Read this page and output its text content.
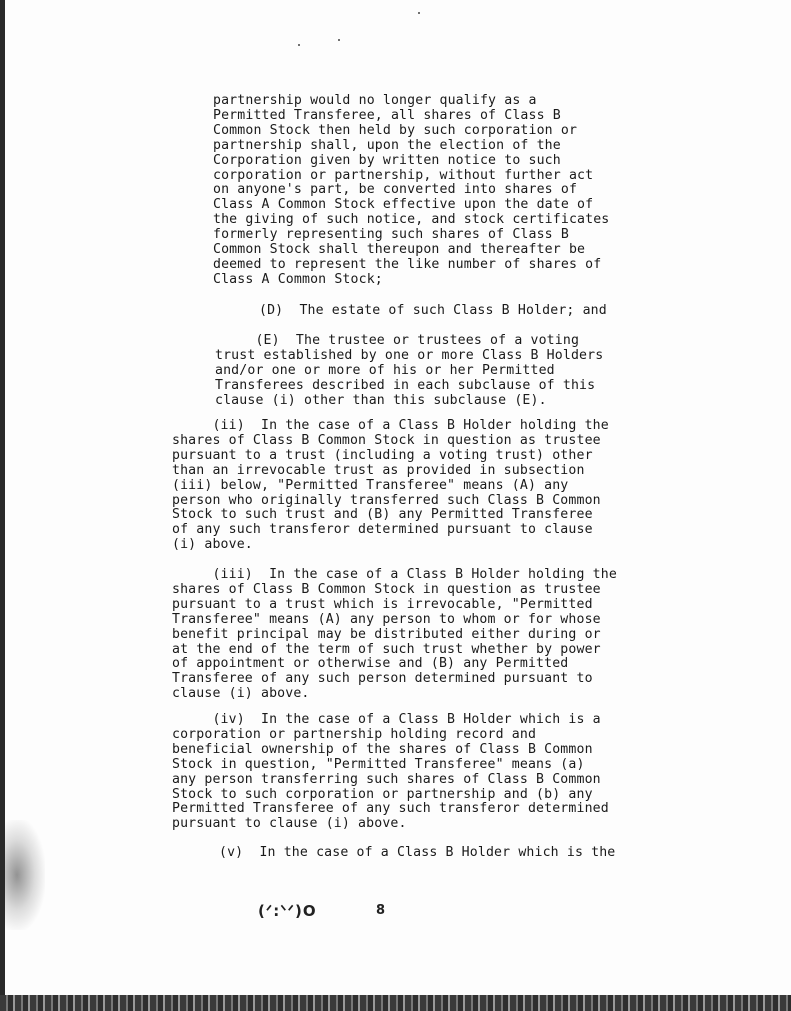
partnership would no longer qualify as a
Permitted Transferee, all shares of Class B
Common Stock then held by such corporation or
partnership shall, upon the election of the
Corporation given by written notice to such
corporation or partnership, without further act
on anyone's part, be converted into shares of
Class A Common Stock effective upon the date of
the giving of such notice, and stock certificates
formerly representing such shares of Class B
Common Stock shall thereupon and thereafter be
deemed to represent the like number of shares of
Class A Common Stock;
(D)  The estate of such Class B Holder; and
(E)  The trustee or trustees of a voting
trust established by one or more Class B Holders
and/or one or more of his or her Permitted
Transferees described in each subclause of this
clause (i) other than this subclause (E).
(ii)  In the case of a Class B Holder holding the
shares of Class B Common Stock in question as trustee
pursuant to a trust (including a voting trust) other
than an irrevocable trust as provided in subsection
(iii) below, "Permitted Transferee" means (A) any
person who originally transferred such Class B Common
Stock to such trust and (B) any Permitted Transferee
of any such transferor determined pursuant to clause
(i) above.
(iii)  In the case of a Class B Holder holding the
shares of Class B Common Stock in question as trustee
pursuant to a trust which is irrevocable, "Permitted
Transferee" means (A) any person to whom or for whose
benefit principal may be distributed either during or
at the end of the term of such trust whether by power
of appointment or otherwise and (B) any Permitted
Transferee of any such person determined pursuant to
clause (i) above.
(iv)  In the case of a Class B Holder which is a
corporation or partnership holding record and
beneficial ownership of the shares of Class B Common
Stock in question, "Permitted Transferee" means (a)
any person transferring such shares of Class B Common
Stock to such corporation or partnership and (b) any
Permitted Transferee of any such transferor determined
pursuant to clause (i) above.
(v)  In the case of a Class B Holder which is the
(ᐟ:ᐠᐟ)O	8
